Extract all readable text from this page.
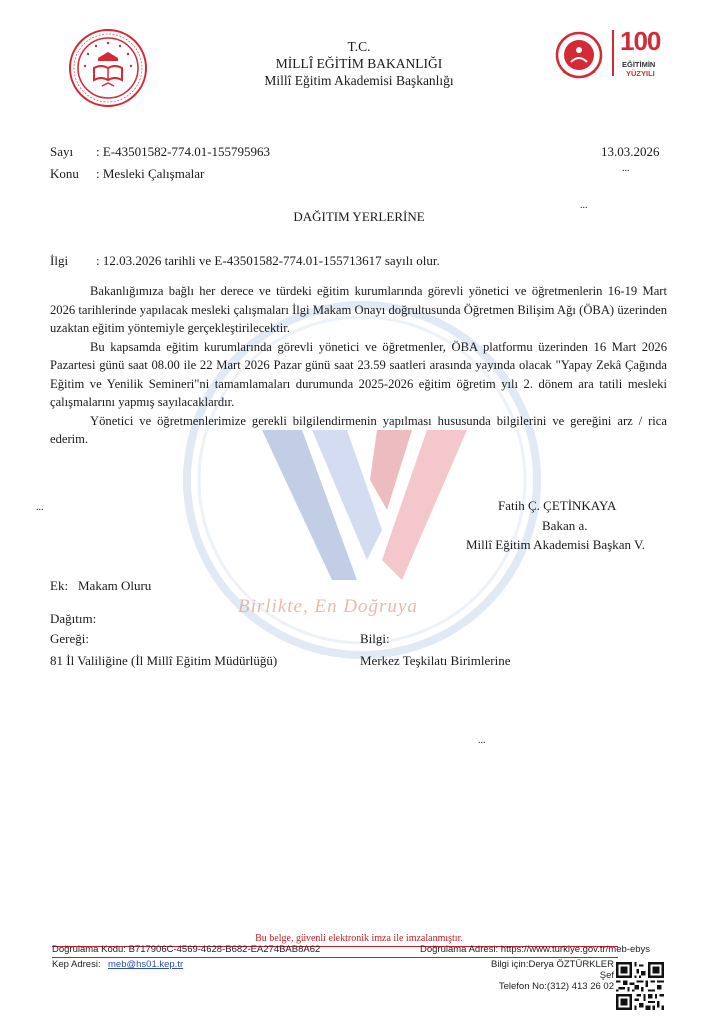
T.C.
MİLLÎ EĞİTİM BAKANLIĞI
Millî Eğitim Akademisi Başkanlığı
100
EĞİTİMİN
YÜZYILI
Birlikte, En Doğruya
Sayı : E-43501582-774.01-155795963	13.03.2026
...
Konu : Mesleki Çalışmalar
...
DAĞITIM YERLERİNE
İlgi : 12.03.2026 tarihli ve E-43501582-774.01-155713617 sayılı olur.
Bakanlığımıza bağlı her derece ve türdeki eğitim kurumlarında görevli yönetici ve öğretmenlerin 16-19 Mart 2026 tarihlerinde yapılacak mesleki çalışmaları İlgi Makam Onayı doğrultusunda Öğretmen Bilişim Ağı (ÖBA) üzerinden uzaktan eğitim yöntemiyle gerçekleştirilecektir.
Bu kapsamda eğitim kurumlarında görevli yönetici ve öğretmenler, ÖBA platformu üzerinden 16 Mart 2026 Pazartesi günü saat 08.00 ile 22 Mart 2026 Pazar günü saat 23.59 saatleri arasında yayında olacak "Yapay Zekâ Çağında Eğitim ve Yenilik Semineri"ni tamamlamaları durumunda 2025-2026 eğitim öğretim yılı 2. dönem ara tatili mesleki çalışmalarını yapmış sayılacaklardır.
Yönetici ve öğretmenlerimize gerekli bilgilendirmenin yapılması hususunda bilgilerini ve gereğini arz / rica ederim.
...	Fatih Ç. ÇETİNKAYA
Bakan a.
Millî Eğitim Akademisi Başkan V.
Ek: Makam Oluru
Dağıtım:
Gereği:	Bilgi:
81 İl Valiliğine (İl Millî Eğitim Müdürlüğü)	Merkez Teşkilatı Birimlerine
...
Bu belge, güvenli elektronik imza ile imzalanmıştır.
Doğrulama Kodu: B717906C-4569-4628-B682-EA274BAB8A62	Doğrulama Adresi: https://www.turkiye.gov.tr/meb-ebys
Kep Adresi: meb@hs01.kep.tr	Bilgi için:Derya ÖZTÜRKLER
Şef
Telefon No:(312) 413 26 02
